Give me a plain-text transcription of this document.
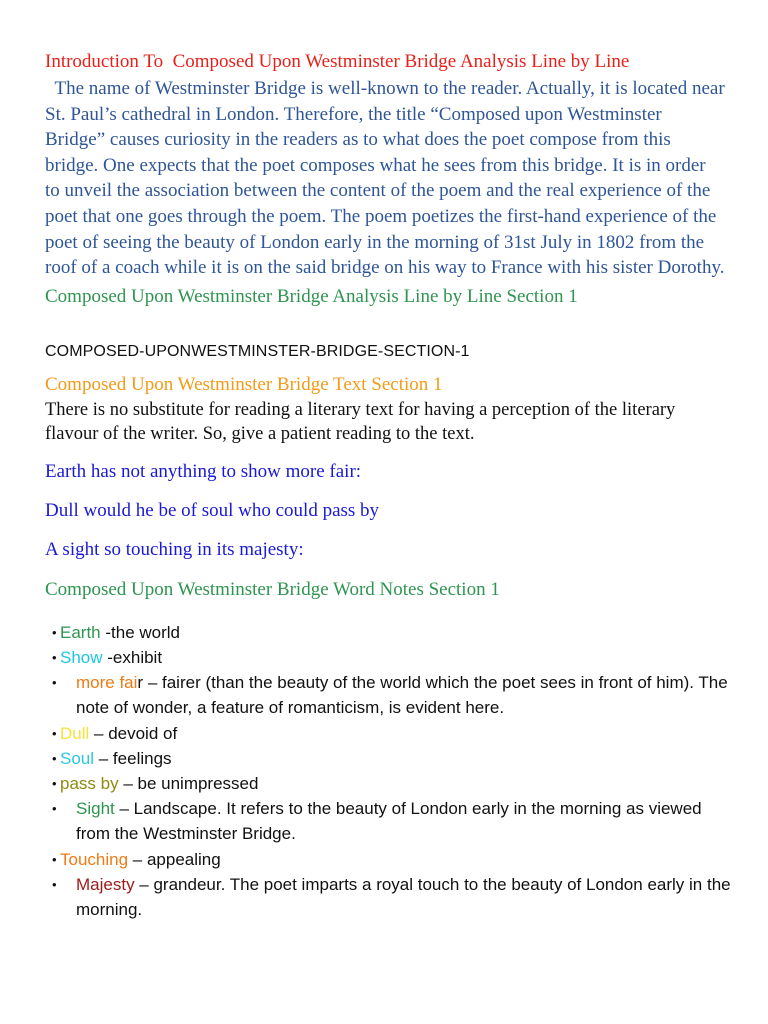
Introduction To  Composed Upon Westminster Bridge Analysis Line by Line

The name of Westminster Bridge is well-known to the reader. Actually, it is located near St. Paul’s cathedral in London. Therefore, the title “Composed upon Westminster Bridge” causes curiosity in the readers as to what does the poet compose from this bridge. One expects that the poet composes what he sees from this bridge. It is in order to unveil the association between the content of the poem and the real experience of the poet that one goes through the poem. The poem poetizes the first-hand experience of the poet of seeing the beauty of London early in the morning of 31st July in 1802 from the roof of a coach while it is on the said bridge on his way to France with his sister Dorothy.

Composed Upon Westminster Bridge Analysis Line by Line Section 1

COMPOSED-UPONWESTMINSTER-BRIDGE-SECTION-1

Composed Upon Westminster Bridge Text Section 1

There is no substitute for reading a literary text for having a perception of the literary flavour of the writer. So, give a patient reading to the text.

Earth has not anything to show more fair:

Dull would he be of soul who could pass by

A sight so touching in its majesty:

Composed Upon Westminster Bridge Word Notes Section 1

• Earth -the world
• Show -exhibit
• more fair – fairer (than the beauty of the world which the poet sees in front of him). The note of wonder, a feature of romanticism, is evident here.
• Dull – devoid of
• Soul – feelings
• pass by – be unimpressed
• Sight – Landscape. It refers to the beauty of London early in the morning as viewed from the Westminster Bridge.
• Touching – appealing
• Majesty – grandeur. The poet imparts a royal touch to the beauty of London early in the morning.
